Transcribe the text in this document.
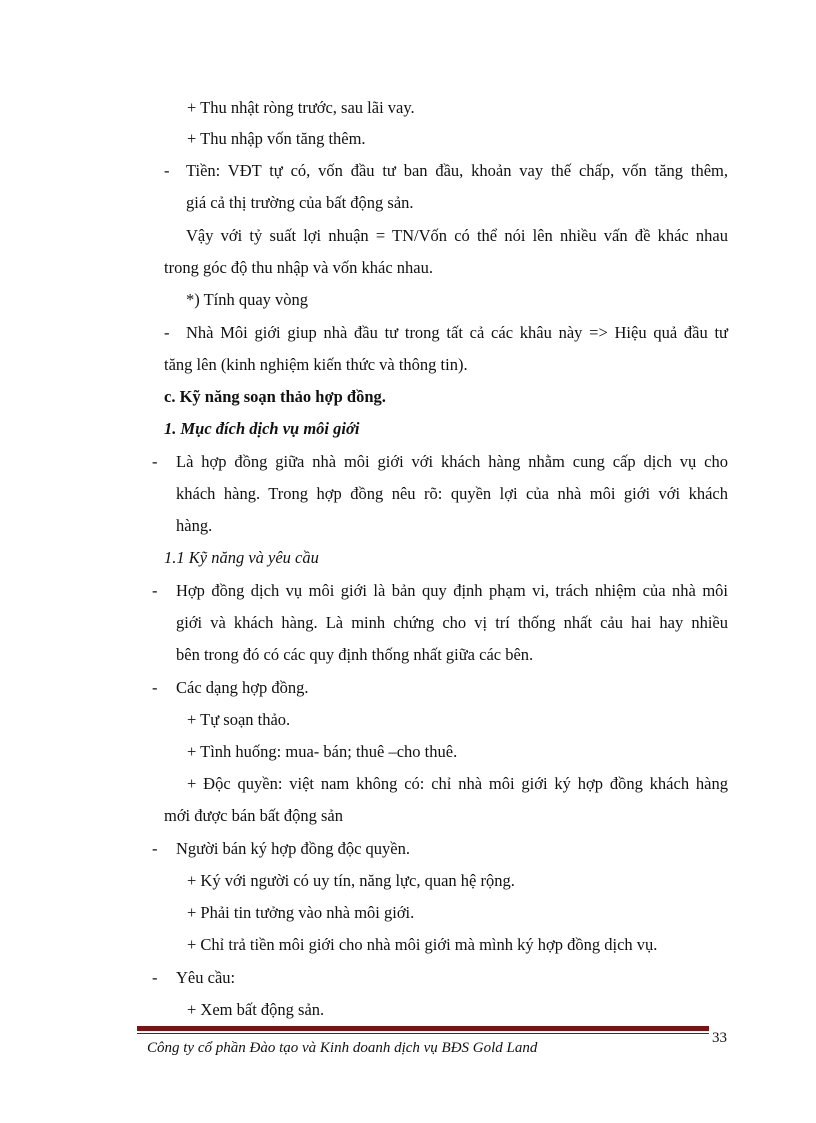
+ Thu nhật ròng trước, sau lãi vay.
+ Thu nhập vốn tăng thêm.
- Tiền: VĐT tự có, vốn đầu tư ban đầu, khoản vay thế chấp, vốn tăng thêm,
giá cả thị trường của bất động sản.
Vậy với tỷ suất lợi nhuận = TN/Vốn có thể nói lên nhiều vấn đề khác nhau
trong góc độ thu nhập và vốn khác nhau.
*) Tính quay vòng
- Nhà Môi giới giup nhà đầu tư trong tất cả các khâu này => Hiệu quả đầu tư
tăng lên (kinh nghiệm kiến thức và thông tin).
c. Kỹ năng soạn thảo hợp đồng.
1. Mục đích dịch vụ môi giới
- Là hợp đồng giữa nhà môi giới với khách hàng nhằm cung cấp dịch vụ cho
khách hàng. Trong hợp đồng nêu rõ: quyền lợi của nhà môi giới với khách
hàng.
1.1 Kỹ năng và yêu cầu
- Hợp đồng dịch vụ môi giới là bản quy định phạm vi, trách nhiệm của nhà môi
giới và khách hàng. Là minh chứng cho vị trí thống nhất cảu hai hay nhiều
bên trong đó có các quy định thống nhất giữa các bên.
- Các dạng hợp đồng.
+ Tự soạn thảo.
+ Tình huống: mua- bán; thuê –cho thuê.
+ Độc quyền: việt nam không có: chỉ nhà môi giới ký hợp đồng khách hàng
mới được bán bất động sản
- Người bán ký hợp đồng độc quyền.
+ Ký với người có uy tín, năng lực, quan hệ rộng.
+ Phải tin tưởng vào nhà môi giới.
+ Chỉ trả tiền môi giới cho nhà môi giới mà mình ký hợp đồng dịch vụ.
- Yêu cầu:
+ Xem bất động sản.
33
Công ty cổ phần Đào tạo và Kinh doanh dịch vụ BĐS Gold Land
